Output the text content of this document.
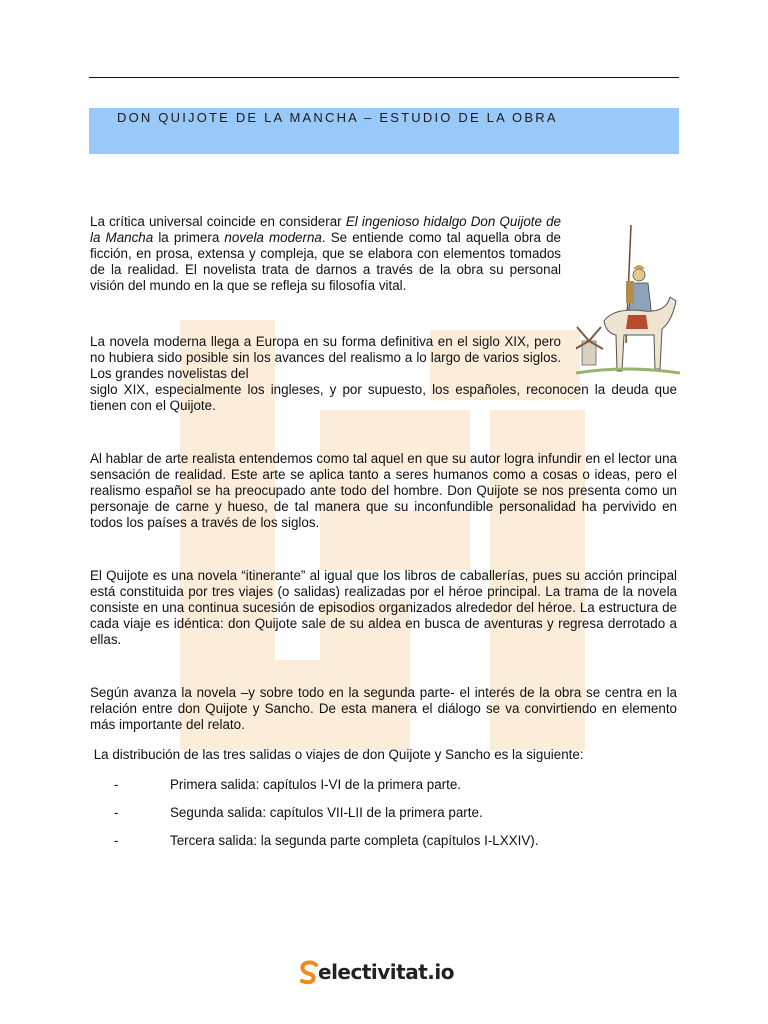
DON QUIJOTE DE LA MANCHA – ESTUDIO DE LA OBRA

La crítica universal coincide en considerar El ingenioso hidalgo Don Quijote de la Mancha la primera novela moderna. Se entiende como tal aquella obra de ficción, en prosa, extensa y compleja, que se elabora con elementos tomados de la realidad. El novelista trata de darnos a través de la obra su personal visión del mundo en la que se refleja su filosofía vital.

La novela moderna llega a Europa en su forma definitiva en el siglo XIX, pero no hubiera sido posible sin los avances del realismo a lo largo de varios siglos. Los grandes novelistas del

siglo XIX, especialmente los ingleses, y por supuesto, los españoles, reconocen la deuda que tienen con el Quijote.

Al hablar de arte realista entendemos como tal aquel en que su autor logra infundir en el lector una sensación de realidad. Este arte se aplica tanto a seres humanos como a cosas o ideas, pero el realismo español se ha preocupado ante todo del hombre. Don Quijote se nos presenta como un personaje de carne y hueso, de tal manera que su inconfundible personalidad ha pervivido en todos los países a través de los siglos.

El Quijote es una novela “itinerante” al igual que los libros de caballerías, pues su acción principal está constituida por tres viajes (o salidas) realizadas por el héroe principal. La trama de la novela consiste en una continua sucesión de episodios organizados alrededor del héroe. La estructura de cada viaje es idéntica: don Quijote sale de su aldea en busca de aventuras y regresa derrotado a ellas.

Según avanza la novela –y sobre todo en la segunda parte- el interés de la obra se centra en la relación entre don Quijote y Sancho. De esta manera el diálogo se va convirtiendo en elemento más importante del relato.

La distribución de las tres salidas o viajes de don Quijote y Sancho es la siguiente:

-	Primera salida: capítulos I-VI de la primera parte.
-	Segunda salida: capítulos VII-LII de la primera parte.
-	Tercera salida: la segunda parte completa (capítulos I-LXXIV).
electivitat.io
